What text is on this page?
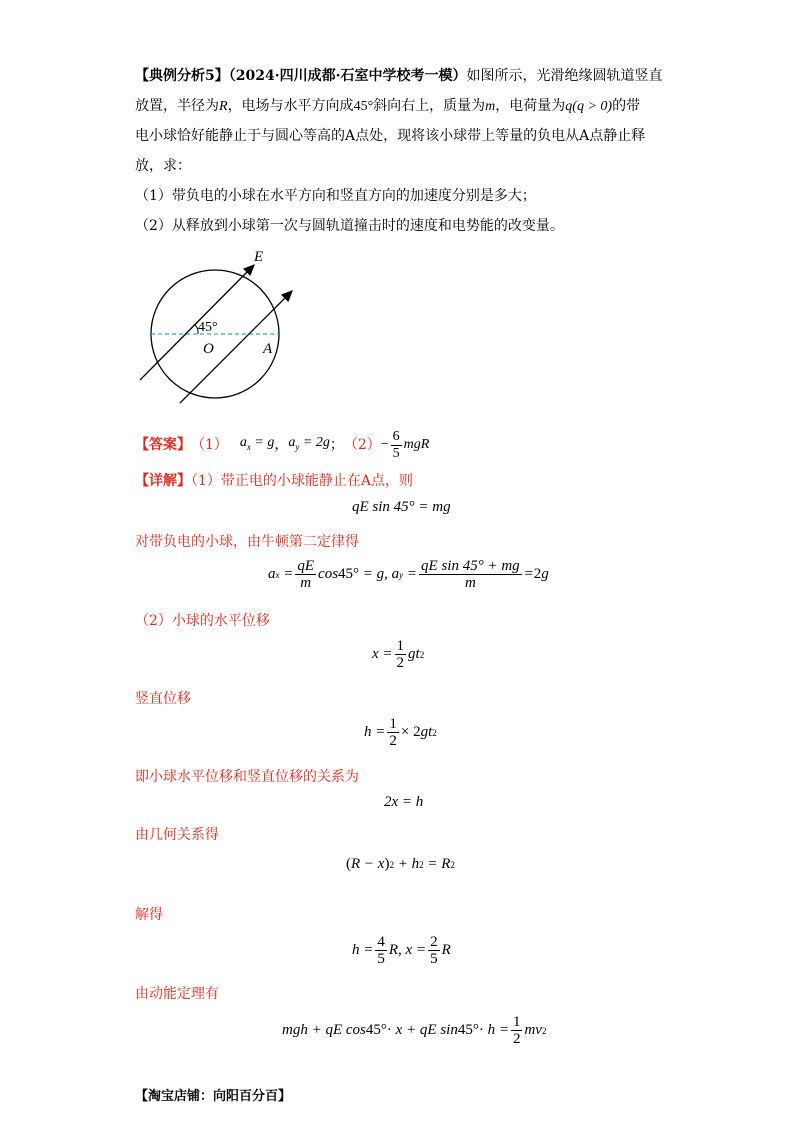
【典例分析5】（2024·四川成都·石室中学校考一模）如图所示，光滑绝缘圆轨道竖直
放置，半径为R，电场与水平方向成45°斜向右上，质量为m，电荷量为q(q > 0)的带
电小球恰好能静止于与圆心等高的A点处，现将该小球带上等量的负电从A点静止释
放，求：
（1）带负电的小球在水平方向和竖直方向的加速度分别是多大；
（2）从释放到小球第一次与圆轨道撞击时的速度和电势能的改变量。
E
45°
O	A
【答案】 （1） $a_x = g$ ， $a_y = 2g$ ； $(2) - \frac{6}{5}$ mgR
【详解】（1）带正电的小球能静止在A点，则
qE sin 45° = mg
对带负电的小球，由牛顿第二定律得
a $x = \frac{qE}{m}$ cos 45° = g, a $y = \frac{\text{qE sin 45° + mg}}{m} = 2$ g
（2）小球的水平位移
$x = \frac{1}{2}$ gt 2
竖直位移
$h = \frac{1}{2} \times 2$ gt 2
即小球水平位移和竖直位移的关系为
2x = h
由几何关系得
( R − x ) 2 + h 2 = R 2
解得
$h = \frac{4}{5} R$, $x = \frac{2}{5}$ R
由动能定理有
mgh + qE cos 45°· x + qE $\sin 45^\circ\cdot h = \frac{1}{2}$ mv 2
【淘宝店铺：向阳百分百】
